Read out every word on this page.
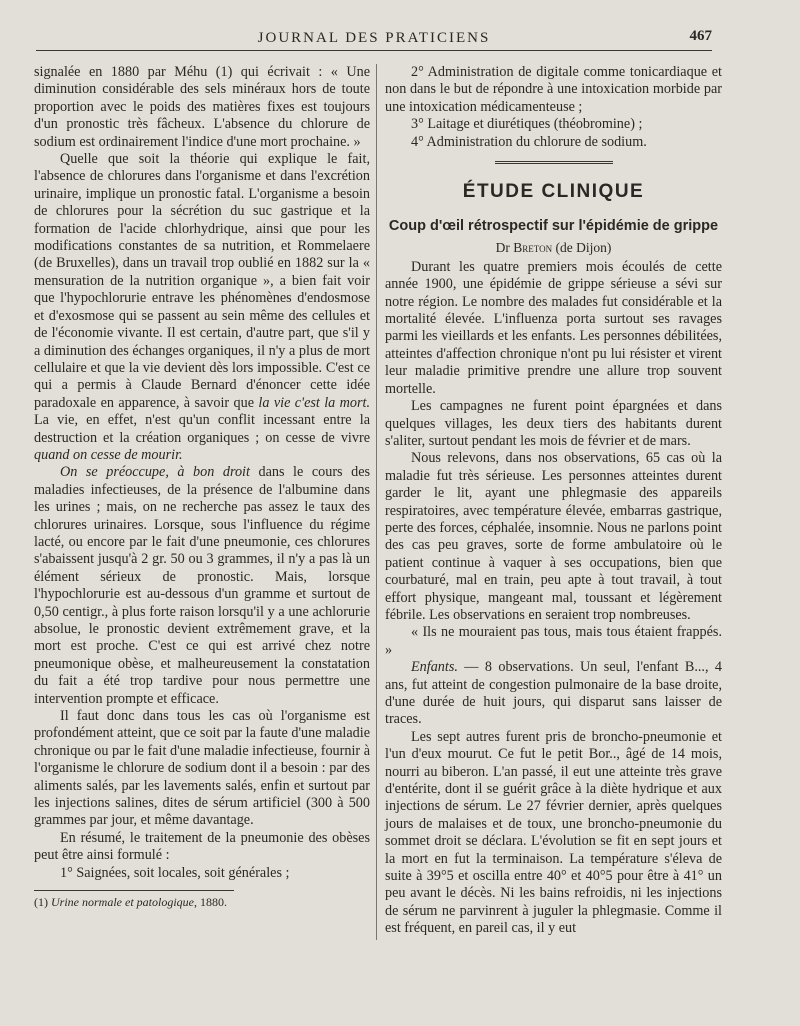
JOURNAL DES PRATICIENS	467

signalée en 1880 par Méhu (1) qui écrivait : « Une diminution considérable des sels minéraux hors de toute proportion avec le poids des matières fixes est toujours d'un pronostic très fâcheux. L'absence du chlorure de sodium est ordinairement l'indice d'une mort prochaine. »

Quelle que soit la théorie qui explique le fait, l'absence de chlorures dans l'organisme et dans l'excrétion urinaire, implique un pronostic fatal. L'organisme a besoin de chlorures pour la sécrétion du suc gastrique et la formation de l'acide chlorhydrique, ainsi que pour les modifications constantes de sa nutrition, et Rommelaere (de Bruxelles), dans un travail trop oublié en 1882 sur la « mensuration de la nutrition organique », a bien fait voir que l'hypochlorurie entrave les phénomènes d'endosmose et d'exosmose qui se passent au sein même des cellules et de l'économie vivante. Il est certain, d'autre part, que s'il y a diminution des échanges organiques, il n'y a plus de mort cellulaire et que la vie devient dès lors impossible. C'est ce qui a permis à Claude Bernard d'énoncer cette idée paradoxale en apparence, à savoir que la vie c'est la mort. La vie, en effet, n'est qu'un conflit incessant entre la destruction et la création organiques ; on cesse de vivre quand on cesse de mourir.

On se préoccupe, à bon droit dans le cours des maladies infectieuses, de la présence de l'albumine dans les urines ; mais, on ne recherche pas assez le taux des chlorures urinaires. Lorsque, sous l'influence du régime lacté, ou encore par le fait d'une pneumonie, ces chlorures s'abaissent jusqu'à 2 gr. 50 ou 3 grammes, il n'y a pas là un élément sérieux de pronostic. Mais, lorsque l'hypochlorurie est au-dessous d'un gramme et surtout de 0,50 centigr., à plus forte raison lorsqu'il y a une achlorurie absolue, le pronostic devient extrêmement grave, et la mort est proche. C'est ce qui est arrivé chez notre pneumonique obèse, et malheureusement la constatation du fait a été trop tardive pour nous permettre une intervention prompte et efficace.

Il faut donc dans tous les cas où l'organisme est profondément atteint, que ce soit par la faute d'une maladie chronique ou par le fait d'une maladie infectieuse, fournir à l'organisme le chlorure de sodium dont il a besoin : par des aliments salés, par les lavements salés, enfin et surtout par les injections salines, dites de sérum artificiel (300 à 500 grammes par jour, et même davantage.

En résumé, le traitement de la pneumonie des obèses peut être ainsi formulé :

1° Saignées, soit locales, soit générales ;

(1) Urine normale et patologique, 1880.

2° Administration de digitale comme tonicardiaque et non dans le but de répondre à une intoxication morbide par une intoxication médicamenteuse ;

3° Laitage et diurétiques (théobromine) ;

4° Administration du chlorure de sodium.

ÉTUDE CLINIQUE
Coup d'œil rétrospectif sur l'épidémie de grippe
Dr Breton (de Dijon)

Durant les quatre premiers mois écoulés de cette année 1900, une épidémie de grippe sérieuse a sévi sur notre région. Le nombre des malades fut considérable et la mortalité élevée. L'influenza porta surtout ses ravages parmi les vieillards et les enfants. Les personnes débilitées, atteintes d'affection chronique n'ont pu lui résister et virent leur maladie primitive prendre une allure trop souvent mortelle.

Les campagnes ne furent point épargnées et dans quelques villages, les deux tiers des habitants durent s'aliter, surtout pendant les mois de février et de mars.

Nous relevons, dans nos observations, 65 cas où la maladie fut très sérieuse. Les personnes atteintes durent garder le lit, ayant une phlegmasie des appareils respiratoires, avec température élevée, embarras gastrique, perte des forces, céphalée, insomnie. Nous ne parlons point des cas peu graves, sorte de forme ambulatoire où le patient continue à vaquer à ses occupations, bien que courbaturé, mal en train, peu apte à tout travail, à tout effort physique, mangeant mal, toussant et légèrement fébrile. Les observations en seraient trop nombreuses.

« Ils ne mouraient pas tous, mais tous étaient frappés. »

Enfants. — 8 observations. Un seul, l'enfant B..., 4 ans, fut atteint de congestion pulmonaire de la base droite, d'une durée de huit jours, qui disparut sans laisser de traces.

Les sept autres furent pris de broncho-pneumonie et l'un d'eux mourut. Ce fut le petit Bor.., âgé de 14 mois, nourri au biberon. L'an passé, il eut une atteinte très grave d'entérite, dont il se guérit grâce à la diète hydrique et aux injections de sérum. Le 27 février dernier, après quelques jours de malaises et de toux, une broncho-pneumonie du sommet droit se déclara. L'évolution se fit en sept jours et la mort en fut la terminaison. La température s'éleva de suite à 39°5 et oscilla entre 40° et 40°5 pour être à 41° un peu avant le décès. Ni les bains refroidis, ni les injections de sérum ne parvinrent à juguler la phlegmasie. Comme il est fréquent, en pareil cas, il y eut
